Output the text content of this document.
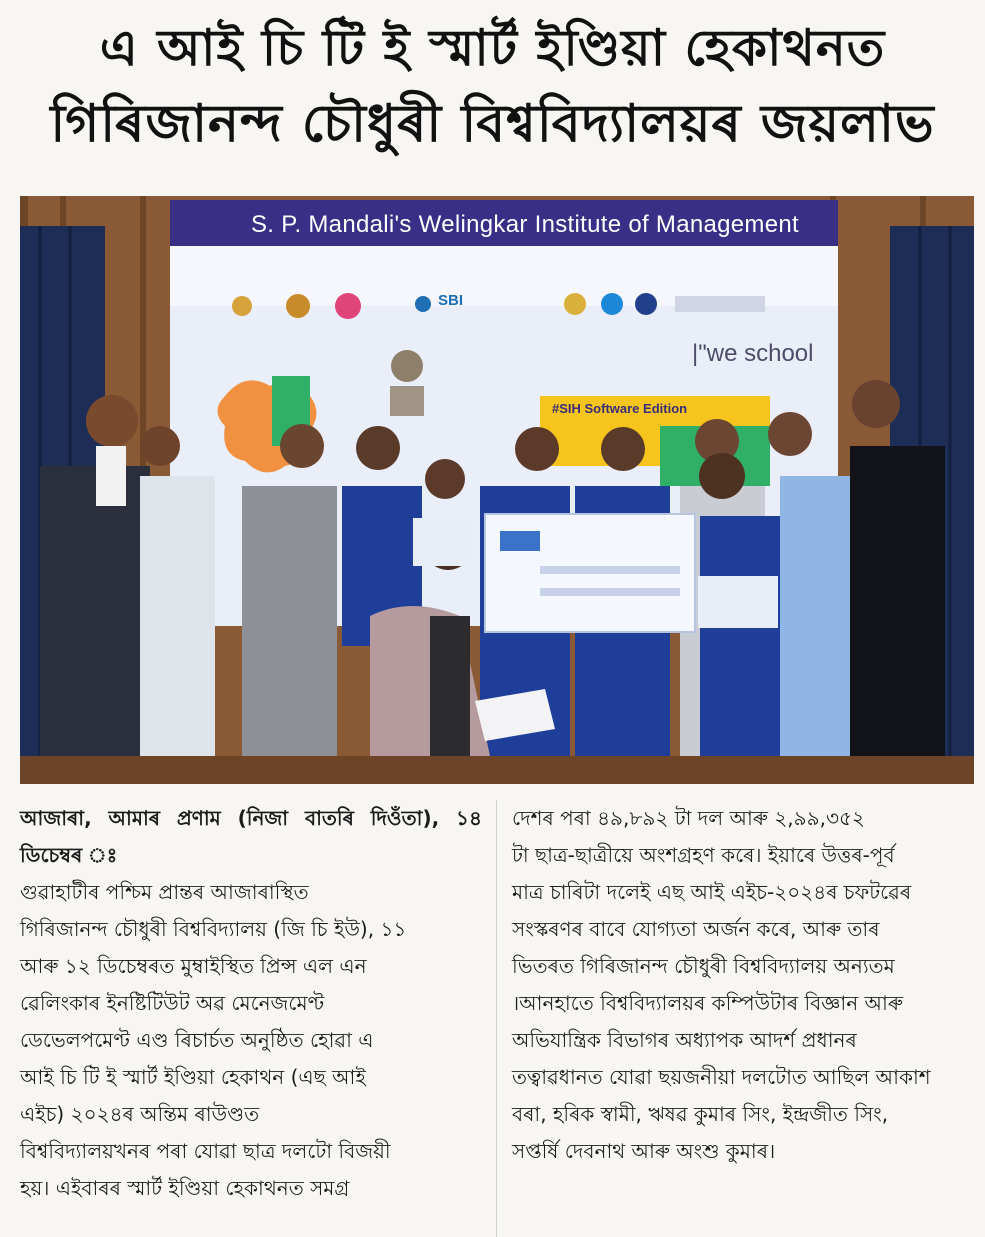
এ আই চি টি ই স্মাৰ্ট ইণ্ডিয়া হেকাথনত
গিৰিজানন্দ চৌধুৰী বিশ্ববিদ্যালয়ৰ জয়লাভ
S. P. Mandali's Welingkar Institute of Management
SBI
|"we school
#SIH Software Edition
আজাৰা, আমাৰ প্ৰণাম (নিজা বাতৰি দিওঁতা), ১৪ ডিচেম্বৰ ঃ
গুৱাহাটীৰ পশ্চিম প্ৰান্তৰ আজাৰাস্থিত
গিৰিজানন্দ চৌধুৰী বিশ্ববিদ্যালয় (জি চি ইউ), ১১
আৰু ১২ ডিচেম্বৰত মুম্বাইস্থিত প্ৰিন্স এল এন
ৱেলিংকাৰ ইনষ্টিটিউট অৱ মেনেজমেণ্ট
ডেভেলপমেণ্ট এণ্ড ৰিচাৰ্চত অনুষ্ঠিত হোৱা এ
আই চি টি ই স্মাৰ্ট ইণ্ডিয়া হেকাথন (এছ আই
এইচ) ২০২৪ৰ অন্তিম ৰাউণ্ডত
বিশ্ববিদ্যালয়খনৰ পৰা যোৱা ছাত্ৰ দলটো বিজয়ী
হয়। এইবাৰৰ স্মাৰ্ট ইণ্ডিয়া হেকাথনত সমগ্ৰ
দেশৰ পৰা ৪৯,৮৯২ টা দল আৰু ২,৯৯,৩৫২
টা ছাত্ৰ-ছাত্ৰীয়ে অংশগ্ৰহণ কৰে। ইয়াৰে উত্তৰ-পূৰ্ব
মাত্ৰ চাৰিটা দলেই এছ আই এইচ-২০২৪ৰ চফটৱেৰ
সংস্কৰণৰ বাবে যোগ্যতা অৰ্জন কৰে, আৰু তাৰ
ভিতৰত গিৰিজানন্দ চৌধুৰী বিশ্ববিদ্যালয় অন্যতম
।আনহাতে বিশ্ববিদ্যালয়ৰ কম্পিউটাৰ বিজ্ঞান আৰু
অভিযান্ত্ৰিক বিভাগৰ অধ্যাপক আদৰ্শ প্ৰধানৰ
তত্বাৱধানত যোৱা ছয়জনীয়া দলটোত আছিল আকাশ
বৰা, হৰিক স্বামী, ঋষৱ কুমাৰ সিং, ইন্দ্ৰজীত সিং,
সপ্তৰ্ষি দেবনাথ আৰু অংশু কুমাৰ।
